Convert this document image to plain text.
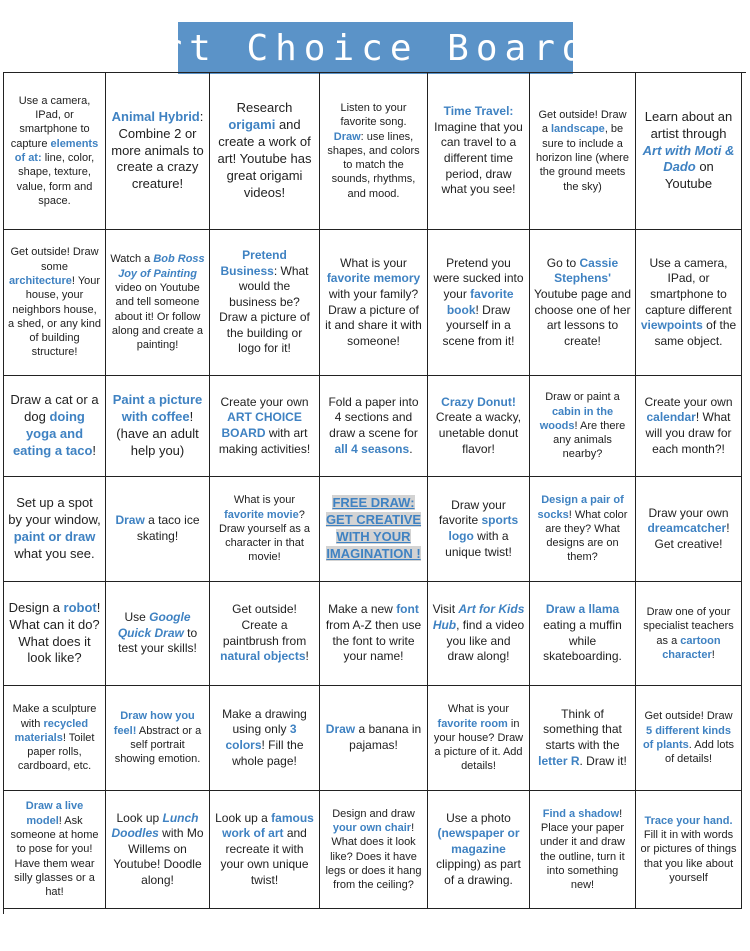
Art Choice Board:

Use a camera, IPad, or smartphone to capture elements of at: line, color, shape, texture, value, form and space.

Animal Hybrid: Combine 2 or more animals to create a crazy creature!

Research origami and create a work of art! Youtube has great origami videos!

Listen to your favorite song. Draw: use lines, shapes, and colors to match the sounds, rhythms, and mood.

Time Travel: Imagine that you can travel to a different time period, draw what you see!

Get outside! Draw a landscape, be sure to include a horizon line (where the ground meets the sky)

Learn about an artist through Art with Moti & Dado on Youtube

Get outside! Draw some architecture! Your house, your neighbors house, a shed, or any kind of building structure!

Watch a Bob Ross Joy of Painting video on Youtube and tell someone about it! Or follow along and create a painting!

Pretend Business: What would the business be? Draw a picture of the building or logo for it!

What is your favorite memory with your family? Draw a picture of it and share it with someone!

Pretend you were sucked into your favorite book! Draw yourself in a scene from it!

Go to Cassie Stephens' Youtube page and choose one of her art lessons to create!

Use a camera, IPad, or smartphone to capture different viewpoints of the same object.

Draw a cat or a dog doing yoga and eating a taco!

Paint a picture with coffee! (have an adult help you)

Create your own ART CHOICE BOARD with art making activities!

Fold a paper into 4 sections and draw a scene for all 4 seasons.

Crazy Donut! Create a wacky, unetable donut flavor!

Draw or paint a cabin in the woods! Are there any animals nearby?

Create your own calendar! What will you draw for each month?!

Set up a spot by your window, paint or draw what you see.

Draw a taco ice skating!

What is your favorite movie? Draw yourself as a character in that movie!

FREE DRAW: GET CREATIVE WITH YOUR IMAGINATION !

Draw your favorite sports logo with a unique twist!

Design a pair of socks! What color are they? What designs are on them?

Draw your own dreamcatcher! Get creative!

Design a robot! What can it do? What does it look like?

Use Google Quick Draw to test your skills!

Get outside! Create a paintbrush from natural objects!

Make a new font from A-Z then use the font to write your name!

Visit Art for Kids Hub, find a video you like and draw along!

Draw a llama eating a muffin while skateboarding.

Draw one of your specialist teachers as a cartoon character!

Make a sculpture with recycled materials! Toilet paper rolls, cardboard, etc.

Draw how you feel! Abstract or a self portrait showing emotion.

Make a drawing using only 3 colors! Fill the whole page!

Draw a banana in pajamas!

What is your favorite room in your house? Draw a picture of it. Add details!

Think of something that starts with the letter R. Draw it!

Get outside! Draw 5 different kinds of plants. Add lots of details!

Draw a live model! Ask someone at home to pose for you! Have them wear silly glasses or a hat!

Look up Lunch Doodles with Mo Willems on Youtube! Doodle along!

Look up a famous work of art and recreate it with your own unique twist!

Design and draw your own chair! What does it look like? Does it have legs or does it hang from the ceiling?

Use a photo (newspaper or magazine clipping) as part of a drawing.

Find a shadow! Place your paper under it and draw the outline, turn it into something new!

Trace your hand. Fill it in with words or pictures of things that you like about yourself
